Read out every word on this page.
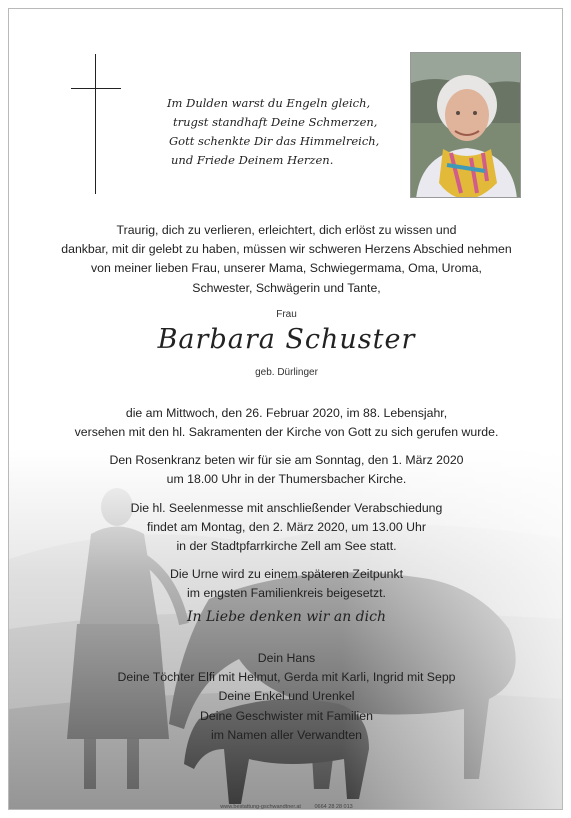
Im Dulden warst du Engeln gleich,
trugst standhaft Deine Schmerzen,
Gott schenkte Dir das Himmelreich,
und Friede Deinem Herzen.
Traurig, dich zu verlieren, erleichtert, dich erlöst zu wissen und
dankbar, mit dir gelebt zu haben, müssen wir schweren Herzens Abschied nehmen
von meiner lieben Frau, unserer Mama, Schwiegermama, Oma, Uroma,
Schwester, Schwägerin und Tante,
Frau
Barbara Schuster
geb. Dürlinger
die am Mittwoch, den 26. Februar 2020, im 88. Lebensjahr,
versehen mit den hl. Sakramenten der Kirche von Gott zu sich gerufen wurde.
Den Rosenkranz beten wir für sie am Sonntag, den 1. März 2020
um 18.00 Uhr in der Thumersbacher Kirche.
Die hl. Seelenmesse mit anschließender Verabschiedung
findet am Montag, den 2. März 2020, um 13.00 Uhr
in der Stadtpfarrkirche Zell am See statt.
Die Urne wird zu einem späteren Zeitpunkt
im engsten Familienkreis beigesetzt.
In Liebe denken wir an dich
Dein Hans
Deine Töchter Elfi mit Helmut, Gerda mit Karli, Ingrid mit Sepp
Deine Enkel und Urenkel
Deine Geschwister mit Familien
im Namen aller Verwandten
www.bestattung-gschwandtner.at 0664 28 28 013
